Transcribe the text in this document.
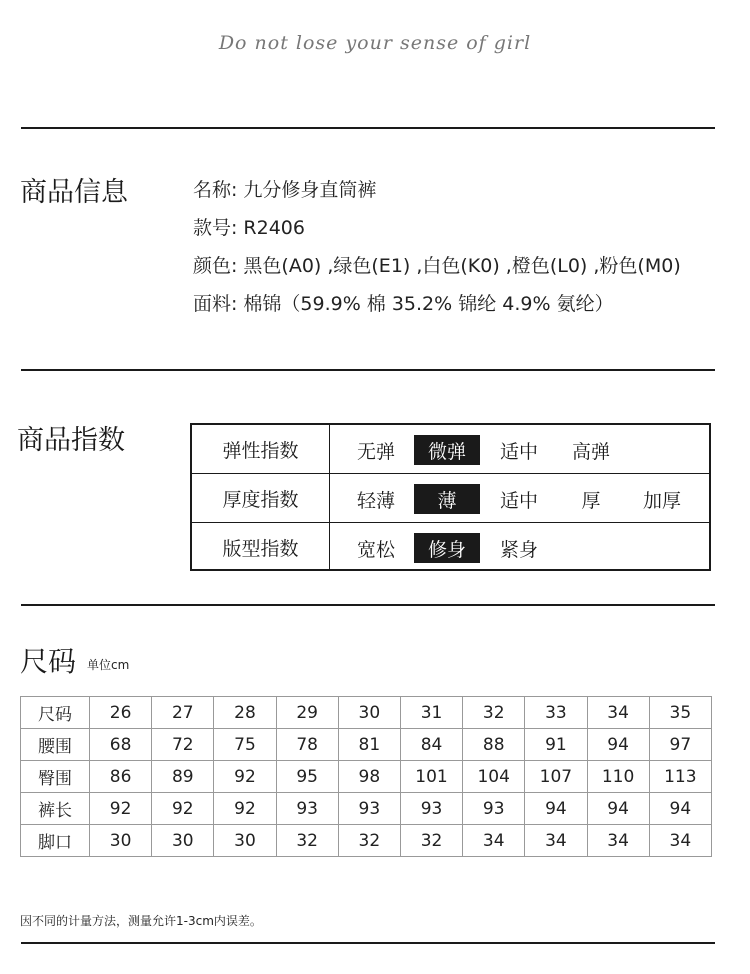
Do not lose your sense of girl
商品信息	名称: 九分修身直筒裤
款号: R2406
颜色: 黑色(A0) ,绿色(E1) ,白色(K0) ,橙色(L0) ,粉色(M0)
面料: 棉锦（59.9% 棉 35.2% 锦纶 4.9% 氨纶）
商品指数	弹性指数	无弹	微弹	适中	高弹
厚度指数	轻薄	薄	适中	厚	加厚
版型指数	宽松	修身	紧身
尺码 单位cm
尺码	26	27	28	29	30	31	32	33	34	35
腰围	68	72	75	78	81	84	88	91	94	97
臀围	86	89	92	95	98	101	104	107	110	113
裤长	92	92	92	93	93	93	93	94	94	94
脚口	30	30	30	32	32	32	34	34	34	34
因不同的计量方法，测量允许1-3cm内误差。
